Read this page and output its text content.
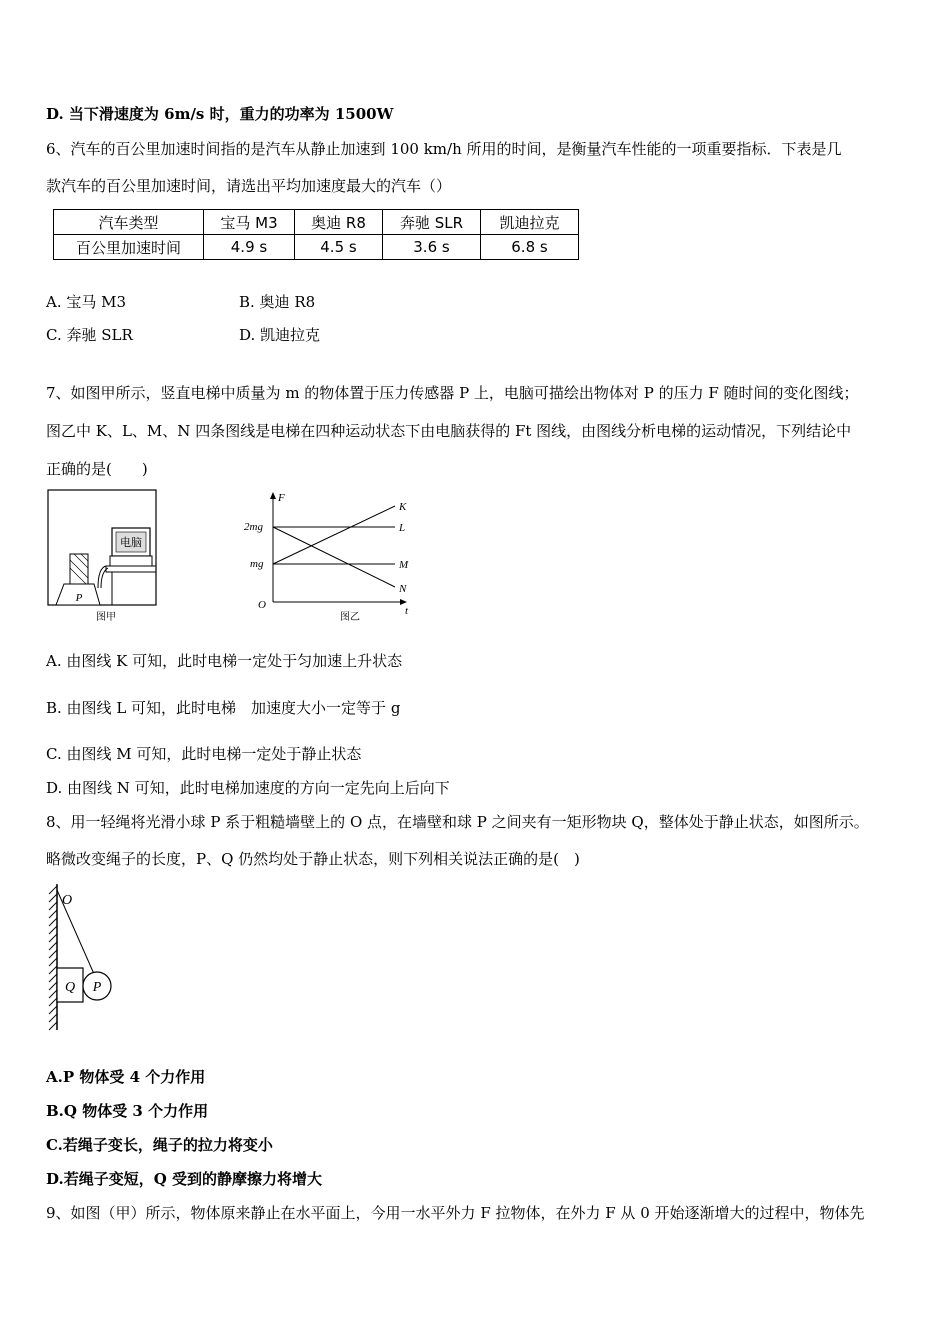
D. 当下滑速度为 6m/s 时，重力的功率为 1500W
6、汽车的百公里加速时间指的是汽车从静止加速到 100 km/h 所用的时间，是衡量汽车性能的一项重要指标．下表是几
款汽车的百公里加速时间，请选出平均加速度最大的汽车（）
汽车类型	宝马 M3	奥迪 R8	奔驰 SLR	凯迪拉克
百公里加速时间	4.9 s	4.5 s	3.6 s	6.8 s
A. 宝马 M3	B. 奥迪 R8
C. 奔驰 SLR	D. 凯迪拉克
7、如图甲所示，竖直电梯中质量为 m 的物体置于压力传感器 P 上，电脑可描绘出物体对 P 的压力 F 随时间的变化图线；
图乙中 K、L、M、N 四条图线是电梯在四种运动状态下由电脑获得的 Ft 图线，由图线分析电梯的运动情况，下列结论中
正确的是(　　)
电脑
P
图甲
F
t
O
2mg
mg
K
L
M
N
图乙
A. 由图线 K 可知，此时电梯一定处于匀加速上升状态
B. 由图线 L 可知，此时电梯　加速度大小一定等于 g
C. 由图线 M 可知，此时电梯一定处于静止状态
D. 由图线 N 可知，此时电梯加速度的方向一定先向上后向下
8、用一轻绳将光滑小球 P 系于粗糙墙壁上的 O 点，在墙壁和球 P 之间夹有一矩形物块 Q，整体处于静止状态，如图所示。
略微改变绳子的长度，P、Q 仍然均处于静止状态，则下列相关说法正确的是(　)
O
Q P
A.P 物体受 4 个力作用
B.Q 物体受 3 个力作用
C.若绳子变长，绳子的拉力将变小
D.若绳子变短，Q 受到的静摩擦力将增大
9、如图（甲）所示，物体原来静止在水平面上，今用一水平外力 F 拉物体，在外力 F 从 0 开始逐渐增大的过程中，物体先
